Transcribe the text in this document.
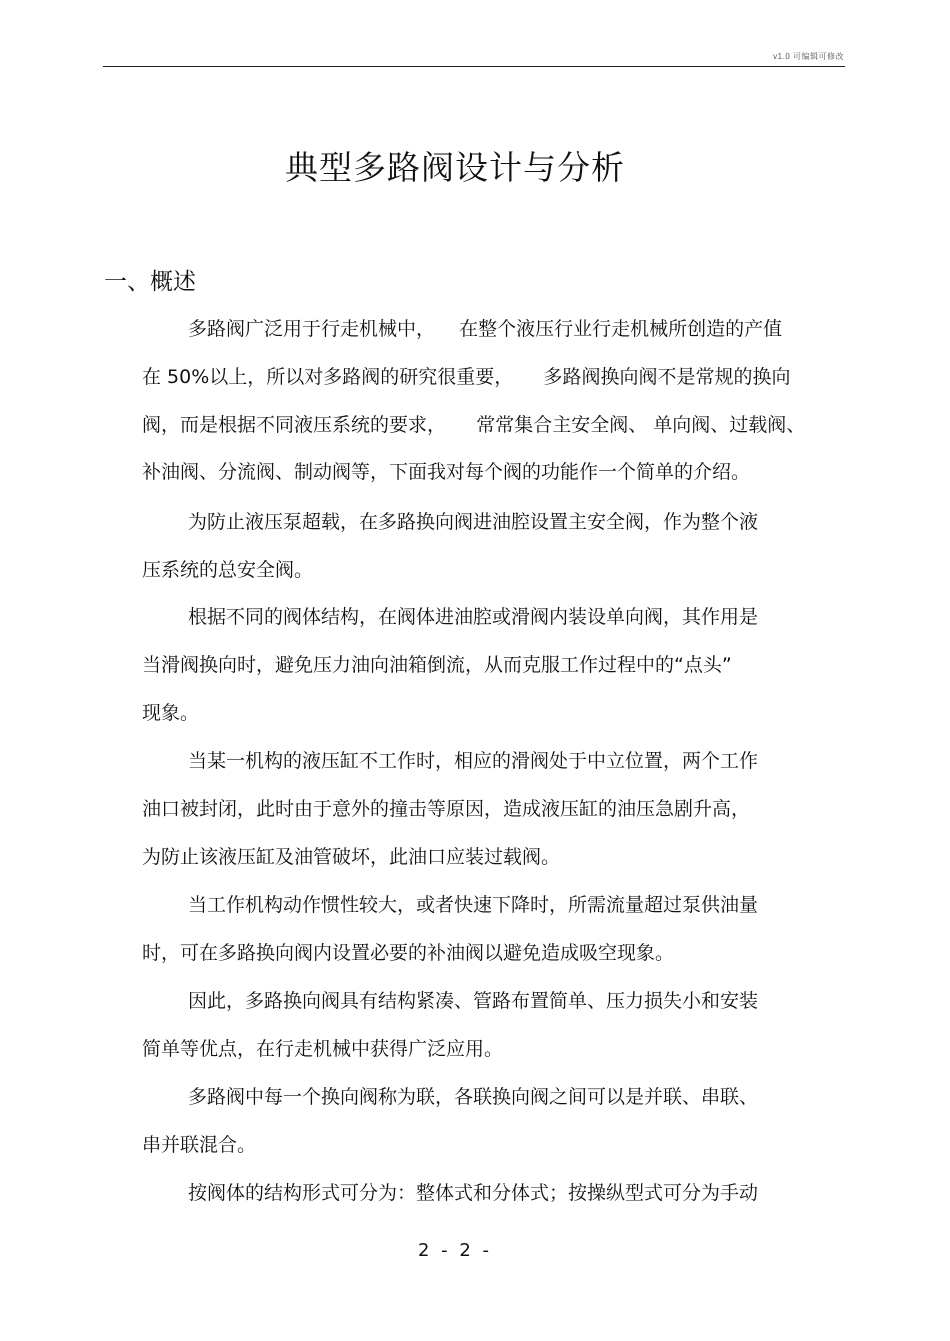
v1.0 可编辑可修改
典型多路阀设计与分析
一、概述
多路阀广泛用于行走机械中，    在整个液压行业行走机械所创造的产值
在 50%以上，所以对多路阀的研究很重要，     多路阀换向阀不是常规的换向
阀，而是根据不同液压系统的要求，     常常集合主安全阀、 单向阀、过载阀、
补油阀、分流阀、制动阀等，下面我对每个阀的功能作一个简单的介绍。
为防止液压泵超载，在多路换向阀进油腔设置主安全阀，作为整个液
压系统的总安全阀。
根据不同的阀体结构，在阀体进油腔或滑阀内装设单向阀，其作用是
当滑阀换向时，避免压力油向油箱倒流，从而克服工作过程中的“点头”
现象。
当某一机构的液压缸不工作时，相应的滑阀处于中立位置，两个工作
油口被封闭，此时由于意外的撞击等原因，造成液压缸的油压急剧升高，
为防止该液压缸及油管破坏，此油口应装过载阀。
当工作机构动作惯性较大，或者快速下降时，所需流量超过泵供油量
时，可在多路换向阀内设置必要的补油阀以避免造成吸空现象。
因此，多路换向阀具有结构紧凑、管路布置简单、压力损失小和安装
简单等优点，在行走机械中获得广泛应用。
多路阀中每一个换向阀称为联，各联换向阀之间可以是并联、串联、
串并联混合。
按阀体的结构形式可分为：整体式和分体式；按操纵型式可分为手动
2 - 2 -
